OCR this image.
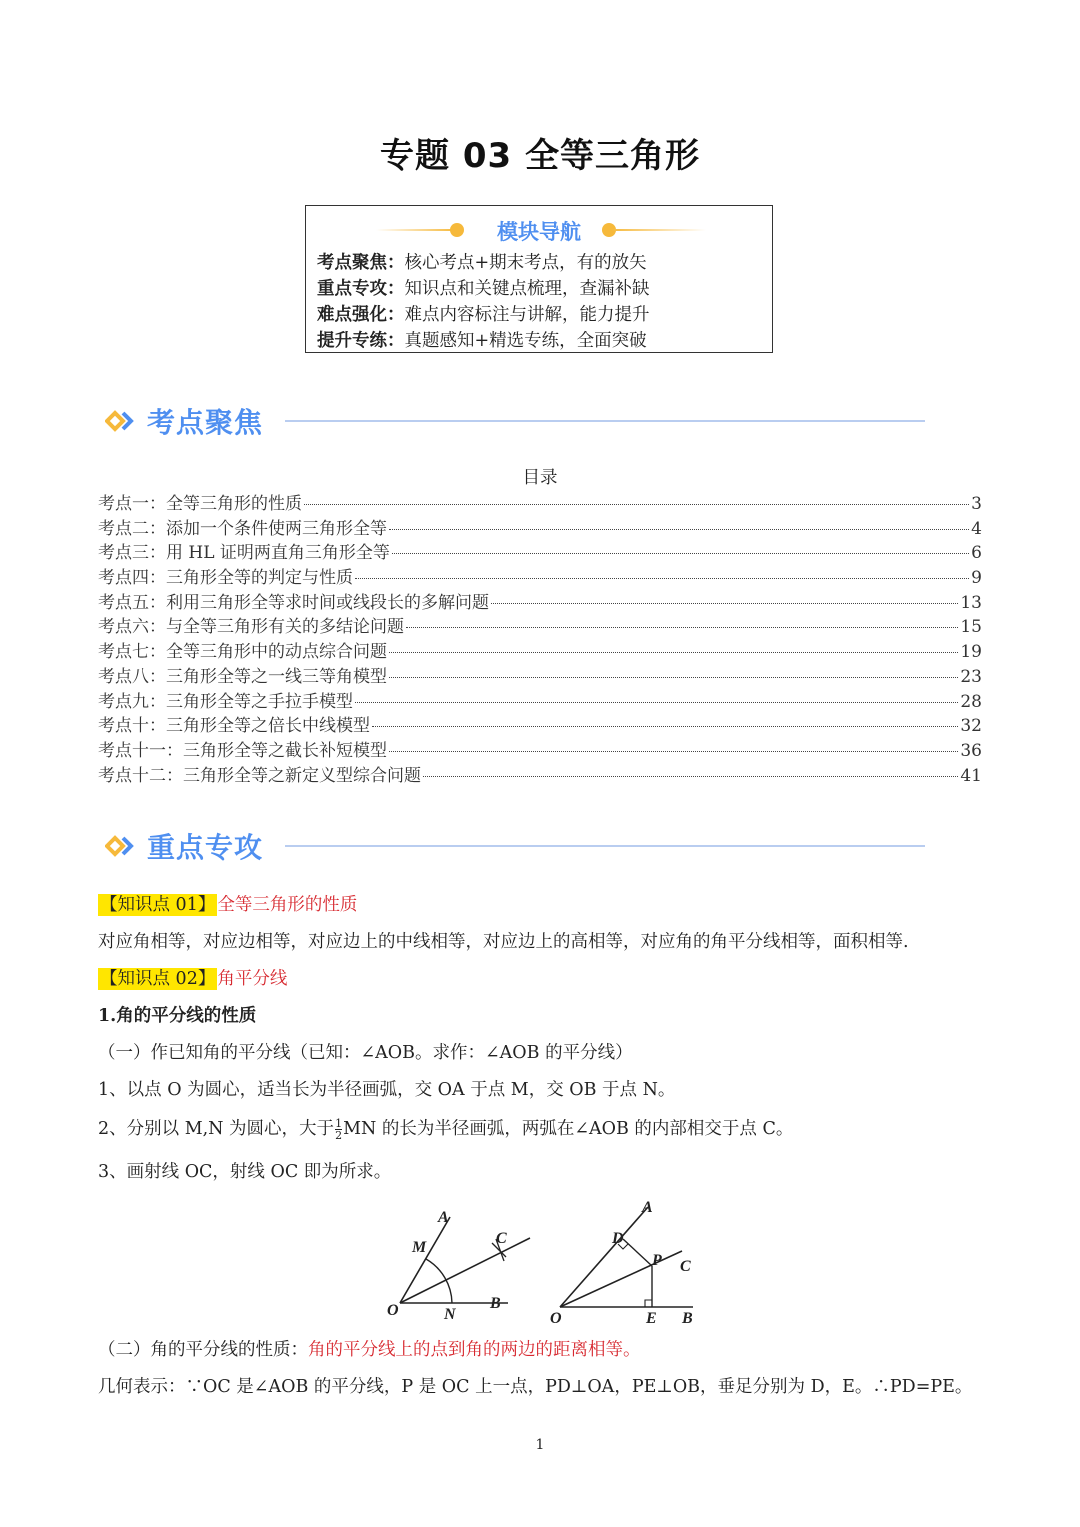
专题 03 全等三角形
模块导航
考点聚焦：核心考点+期末考点，有的放矢
重点专攻：知识点和关键点梳理，查漏补缺
难点强化：难点内容标注与讲解，能力提升
提升专练：真题感知+精选专练，全面突破
考点聚焦
目录
考点一：全等三角形的性质	3
考点二：添加一个条件使两三角形全等	4
考点三：用 HL 证明两直角三角形全等	6
考点四：三角形全等的判定与性质	9
考点五：利用三角形全等求时间或线段长的多解问题	13
考点六：与全等三角形有关的多结论问题	15
考点七：全等三角形中的动点综合问题	19
考点八：三角形全等之一线三等角模型	23
考点九：三角形全等之手拉手模型	28
考点十：三角形全等之倍长中线模型	32
考点十一：三角形全等之截长补短模型	36
考点十二：三角形全等之新定义型综合问题	41
重点专攻
【知识点 01】 全等三角形的性质
对应角相等，对应边相等，对应边上的中线相等，对应边上的高相等，对应角的角平分线相等，面积相等.
【知识点 02】 角平分线
1.角的平分线的性质
（一）作已知角的平分线（已知：∠AOB。求作：∠AOB 的平分线）
1、以点 O 为圆心，适当长为半径画弧，交 OA 于点 M，交 OB 于点 N。
2、分别以 M,N 为圆心，大于 $\frac{1}{2}$ MN 的长为半径画弧，两弧在∠AOB 的内部相交于点 C。
3、画射线 OC，射线 OC 即为所求。
A
M
C
O	N
B
A
D
P C
O	E B
（二）角的平分线的性质：角的平分线上的点到角的两边的距离相等。
几何表示：∵OC 是∠AOB 的平分线，P 是 OC 上一点，PD⊥OA，PE⊥OB，垂足分别为 D，E。∴PD=PE。
1
